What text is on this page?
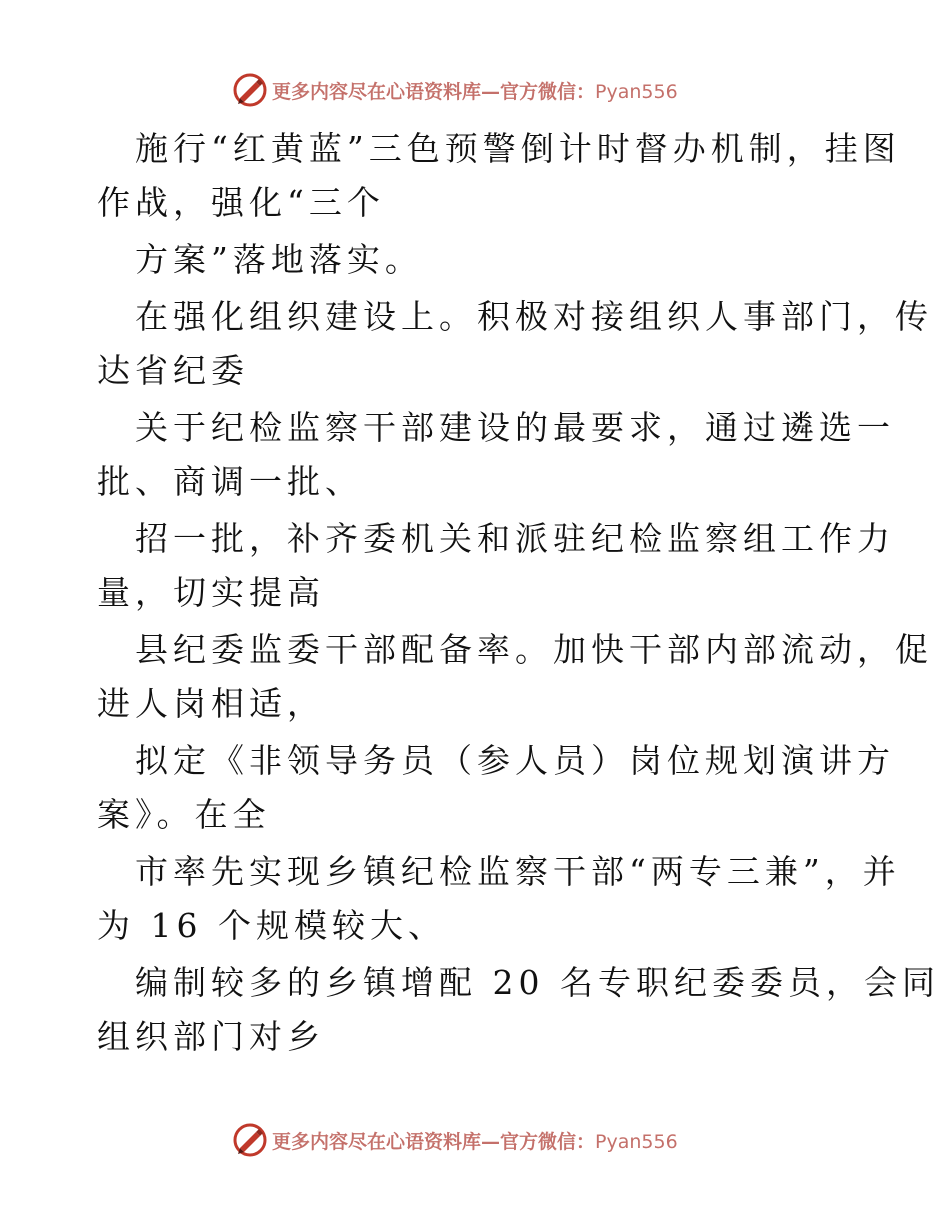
更多内容尽在心语资料库—官方微信：Pyan556
施行“红黄蓝”三色预警倒计时督办机制，挂图
作战，强化“三个
方案”落地落实。
在强化组织建设上。积极对接组织人事部门，传
达省纪委
关于纪检监察干部建设的最要求，通过遴选一
批、商调一批、
招一批，补齐委机关和派驻纪检监察组工作力
量，切实提高
县纪委监委干部配备率。加快干部内部流动，促
进人岗相适，
拟定《非领导务员（参人员）岗位规划演讲方
案》。在全
市率先实现乡镇纪检监察干部“两专三兼”，并
为 16 个规模较大、
编制较多的乡镇增配 20 名专职纪委委员，会同
组织部门对乡
更多内容尽在心语资料库—官方微信：Pyan556
